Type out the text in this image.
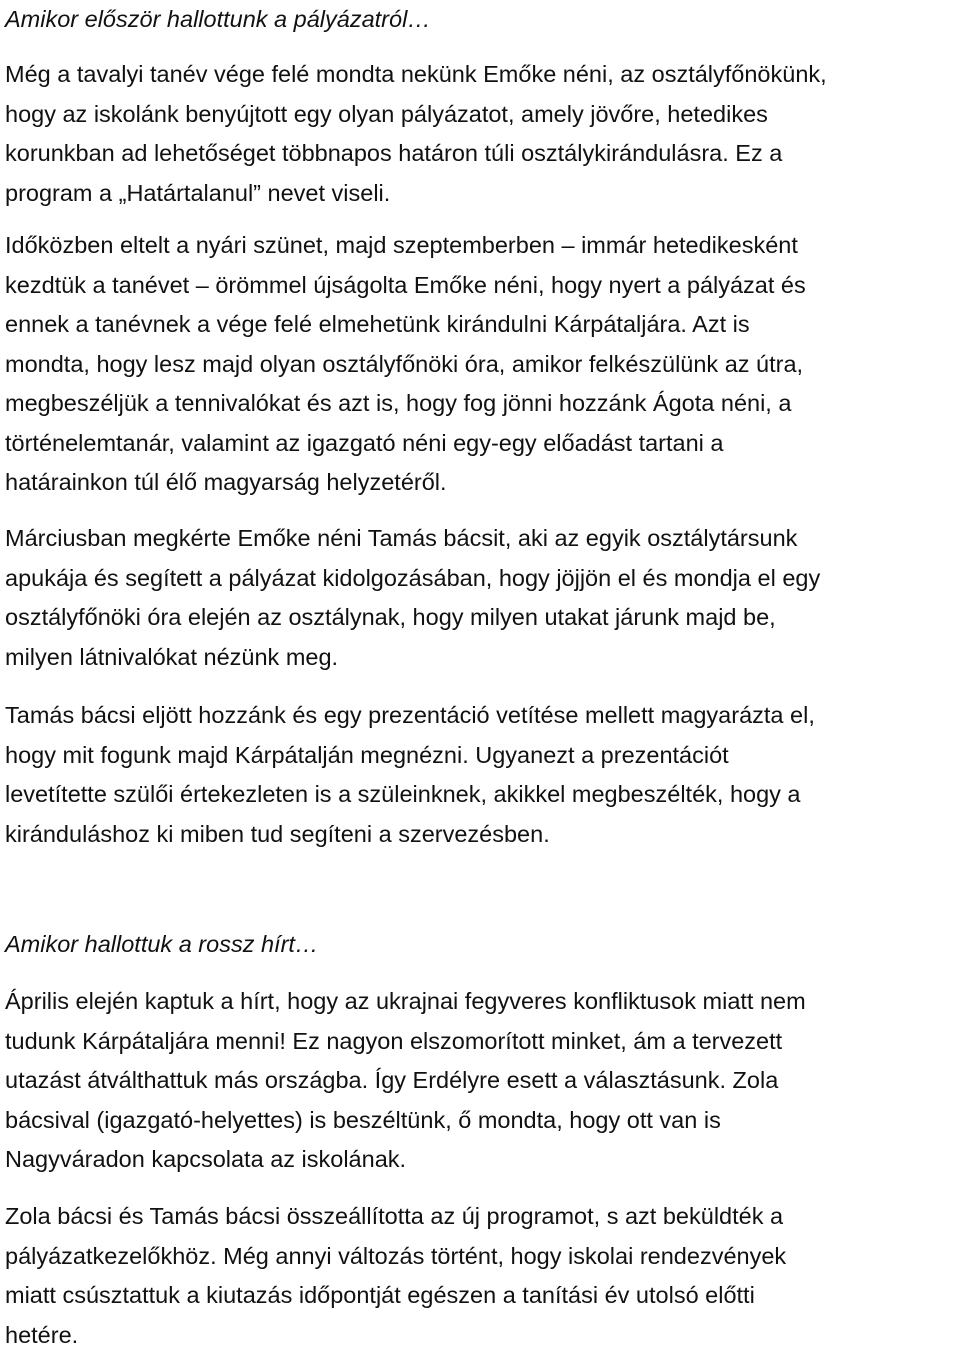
Amikor először hallottunk a pályázatról…
Még a tavalyi tanév vége felé mondta nekünk Emőke néni, az osztályfőnökünk,
hogy az iskolánk benyújtott egy olyan pályázatot, amely jövőre, hetedikes
korunkban ad lehetőséget többnapos határon túli osztálykirándulásra. Ez a
program a „Határtalanul” nevet viseli.
Időközben eltelt a nyári szünet, majd szeptemberben – immár hetedikesként
kezdtük a tanévet – örömmel újságolta Emőke néni, hogy nyert a pályázat és
ennek a tanévnek a vége felé elmehetünk kirándulni Kárpátaljára. Azt is
mondta, hogy lesz majd olyan osztályfőnöki óra, amikor felkészülünk az útra,
megbeszéljük a tennivalókat és azt is, hogy fog jönni hozzánk Ágota néni, a
történelemtanár, valamint az igazgató néni egy-egy előadást tartani a
határainkon túl élő magyarság helyzetéről.
Márciusban megkérte Emőke néni Tamás bácsit, aki az egyik osztálytársunk
apukája és segített a pályázat kidolgozásában, hogy jöjjön el és mondja el egy
osztályfőnöki óra elején az osztálynak, hogy milyen utakat járunk majd be,
milyen látnivalókat nézünk meg.
Tamás bácsi eljött hozzánk és egy prezentáció vetítése mellett magyarázta el,
hogy mit fogunk majd Kárpátalján megnézni. Ugyanezt a prezentációt
levetítette szülői értekezleten is a szüleinknek, akikkel megbeszélték, hogy a
kiránduláshoz ki miben tud segíteni a szervezésben.
Amikor hallottuk a rossz hírt…
Április elején kaptuk a hírt, hogy az ukrajnai fegyveres konfliktusok miatt nem
tudunk Kárpátaljára menni! Ez nagyon elszomorított minket, ám a tervezett
utazást átválthattuk más országba. Így Erdélyre esett a választásunk. Zola
bácsival (igazgató-helyettes) is beszéltünk, ő mondta, hogy ott van is
Nagyváradon kapcsolata az iskolának.
Zola bácsi és Tamás bácsi összeállította az új programot, s azt beküldték a
pályázatkezelőkhöz. Még annyi változás történt, hogy iskolai rendezvények
miatt csúsztattuk a kiutazás időpontját egészen a tanítási év utolsó előtti
hetére.
